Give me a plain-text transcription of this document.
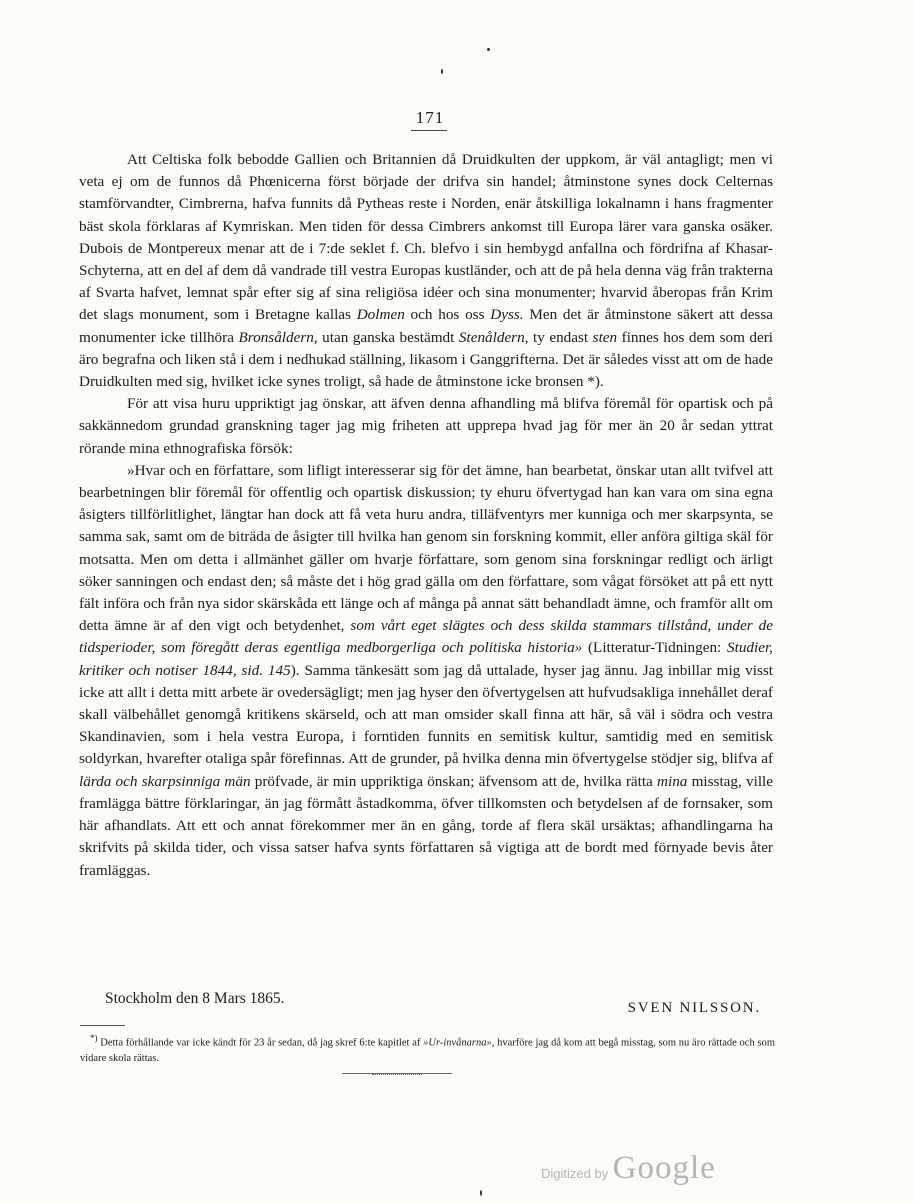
171

Att Celtiska folk bebodde Gallien och Britannien då Druidkulten der uppkom, är väl antagligt; men vi veta ej om de funnos då Phœnicerna först började der drifva sin handel; åtminstone synes dock Celternas stamförvandter, Cimbrerna, hafva funnits då Pytheas reste i Norden, enär åtskilliga lokalnamn i hans fragmenter bäst skola förklaras af Kymriskan. Men tiden för dessa Cimbrers ankomst till Europa lärer vara ganska osäker. Dubois de Montpereux menar att de i 7:de seklet f. Ch. blefvo i sin hembygd anfallna och fördrifna af Khasar-Schyterna, att en del af dem då vandrade till vestra Europas kustländer, och att de på hela denna väg från trakterna af Svarta hafvet, lemnat spår efter sig af sina religiösa idéer och sina monumenter; hvarvid åberopas från Krim det slags monument, som i Bretagne kallas Dolmen och hos oss Dyss. Men det är åtminstone säkert att dessa monumenter icke tillhöra Bronsåldern, utan ganska bestämdt Stenåldern, ty endast sten finnes hos dem som deri äro begrafna och liken stå i dem i nedhukad ställning, likasom i Ganggrifterna. Det är således visst att om de hade Druidkulten med sig, hvilket icke synes troligt, så hade de åtminstone icke bronsen *).

För att visa huru uppriktigt jag önskar, att äfven denna afhandling må blifva föremål för opartisk och på sakkännedom grundad granskning tager jag mig friheten att upprepa hvad jag för mer än 20 år sedan yttrat rörande mina ethnografiska försök:

»Hvar och en författare, som lifligt interesserar sig för det ämne, han bearbetat, önskar utan allt tvifvel att bearbetningen blir föremål för offentlig och opartisk diskussion; ty ehuru öfvertygad han kan vara om sina egna åsigters tillförlitlighet, längtar han dock att få veta huru andra, tilläfventyrs mer kunniga och mer skarpsynta, se samma sak, samt om de biträda de åsigter till hvilka han genom sin forskning kommit, eller anföra giltiga skäl för motsatta. Men om detta i allmänhet gäller om hvarje författare, som genom sina forskningar redligt och ärligt söker sanningen och endast den; så måste det i hög grad gälla om den författare, som vågat försöket att på ett nytt fält införa och från nya sidor skärskåda ett länge och af många på annat sätt behandladt ämne, och framför allt om detta ämne är af den vigt och betydenhet, som vårt eget slägtes och dess skilda stammars tillstånd, under de tidsperioder, som föregått deras egentliga medborgerliga och politiska historia» (Litteratur-Tidningen: Studier, kritiker och notiser 1844, sid. 145). Samma tänkesätt som jag då uttalade, hyser jag ännu. Jag inbillar mig visst icke att allt i detta mitt arbete är ovedersägligt; men jag hyser den öfvertygelsen att hufvudsakliga innehållet deraf skall välbehållet genomgå kritikens skärseld, och att man omsider skall finna att här, så väl i södra och vestra Skandinavien, som i hela vestra Europa, i forntiden funnits en semitisk kultur, samtidig med en semitisk soldyrkan, hvarefter otaliga spår förefinnas. Att de grunder, på hvilka denna min öfvertygelse stödjer sig, blifva af lärda och skarpsinniga män pröfvade, är min uppriktiga önskan; äfvensom att de, hvilka rätta mina misstag, ville framlägga bättre förklaringar, än jag förmått åstadkomma, öfver tillkomsten och betydelsen af de fornsaker, som här afhandlats. Att ett och annat förekommer mer än en gång, torde af flera skäl ursäktas; afhandlingarna ha skrifvits på skilda tider, och vissa satser hafva synts författaren så vigtiga att de bordt med förnyade bevis åter framläggas.

Stockholm den 8 Mars 1865.
SVEN NILSSON.
*) Detta förhållande var icke kändt för 23 år sedan, då jag skref 6:te kapitlet af »Ur-invånarna», hvarföre jag då kom att begå misstag, som nu äro rättade och som vidare skola rättas.
Digitized by Google
